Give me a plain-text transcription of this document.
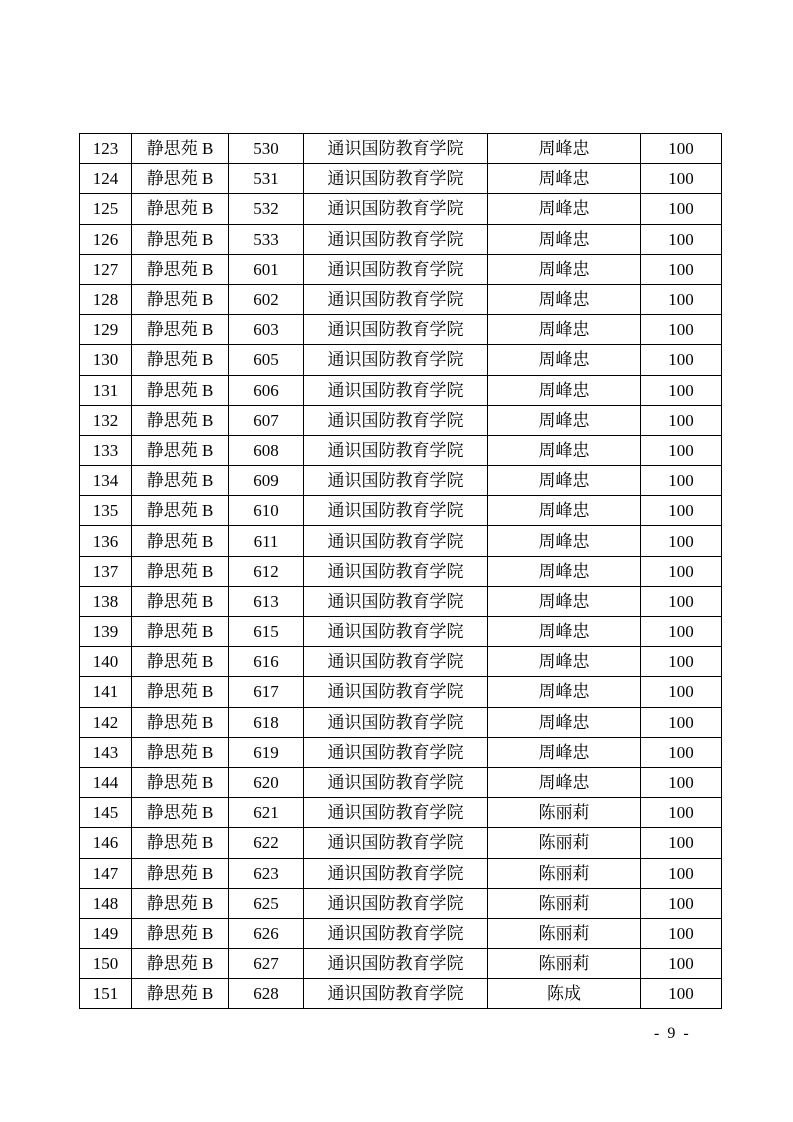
123	静思苑 B	530	通识国防教育学院	周峰忠	100
124	静思苑 B	531	通识国防教育学院	周峰忠	100
125	静思苑 B	532	通识国防教育学院	周峰忠	100
126	静思苑 B	533	通识国防教育学院	周峰忠	100
127	静思苑 B	601	通识国防教育学院	周峰忠	100
128	静思苑 B	602	通识国防教育学院	周峰忠	100
129	静思苑 B	603	通识国防教育学院	周峰忠	100
130	静思苑 B	605	通识国防教育学院	周峰忠	100
131	静思苑 B	606	通识国防教育学院	周峰忠	100
132	静思苑 B	607	通识国防教育学院	周峰忠	100
133	静思苑 B	608	通识国防教育学院	周峰忠	100
134	静思苑 B	609	通识国防教育学院	周峰忠	100
135	静思苑 B	610	通识国防教育学院	周峰忠	100
136	静思苑 B	611	通识国防教育学院	周峰忠	100
137	静思苑 B	612	通识国防教育学院	周峰忠	100
138	静思苑 B	613	通识国防教育学院	周峰忠	100
139	静思苑 B	615	通识国防教育学院	周峰忠	100
140	静思苑 B	616	通识国防教育学院	周峰忠	100
141	静思苑 B	617	通识国防教育学院	周峰忠	100
142	静思苑 B	618	通识国防教育学院	周峰忠	100
143	静思苑 B	619	通识国防教育学院	周峰忠	100
144	静思苑 B	620	通识国防教育学院	周峰忠	100
145	静思苑 B	621	通识国防教育学院	陈丽莉	100
146	静思苑 B	622	通识国防教育学院	陈丽莉	100
147	静思苑 B	623	通识国防教育学院	陈丽莉	100
148	静思苑 B	625	通识国防教育学院	陈丽莉	100
149	静思苑 B	626	通识国防教育学院	陈丽莉	100
150	静思苑 B	627	通识国防教育学院	陈丽莉	100
151	静思苑 B	628	通识国防教育学院	陈成	100
- 9 -
